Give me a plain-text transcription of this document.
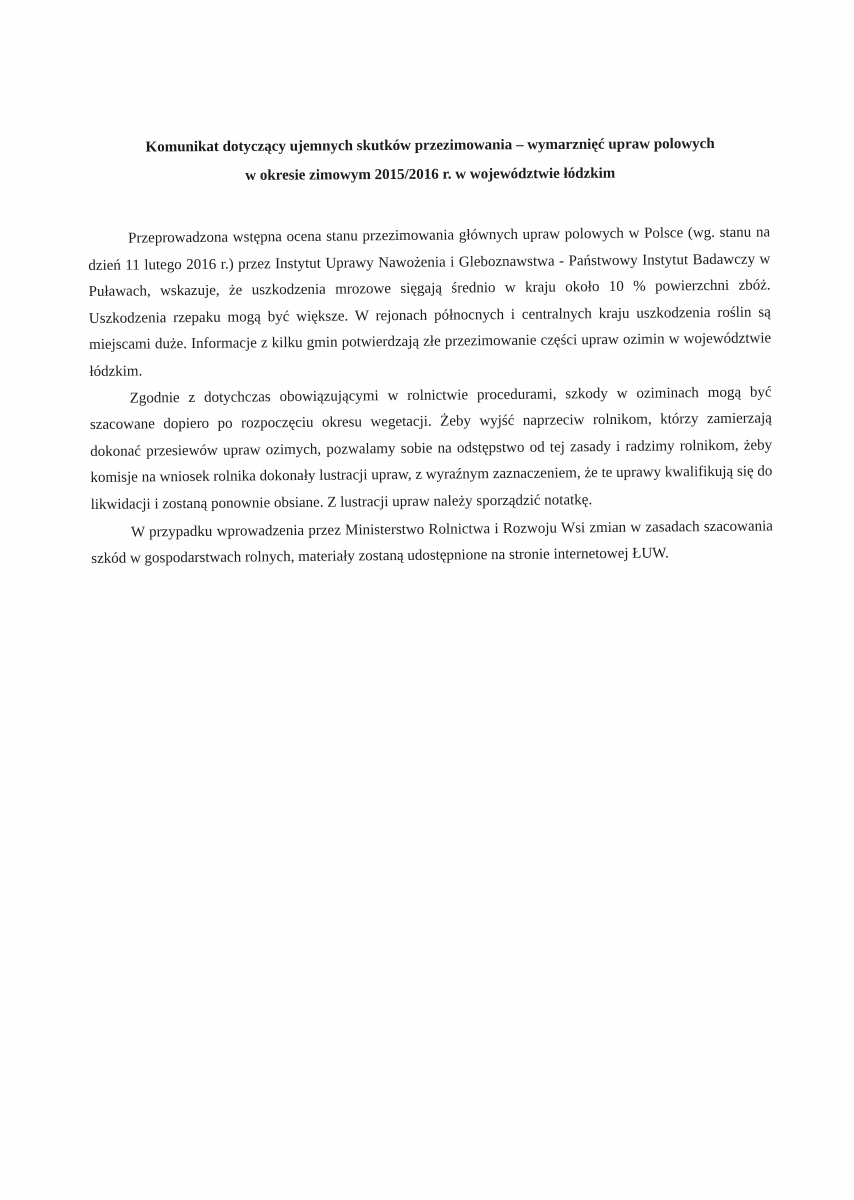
Komunikat dotyczący ujemnych skutków przezimowania – wymarznięć upraw polowych
w okresie zimowym 2015/2016 r. w województwie łódzkim

Przeprowadzona wstępna ocena stanu przezimowania głównych upraw polowych w Polsce (wg. stanu na dzień 11 lutego 2016 r.) przez Instytut Uprawy Nawożenia i Gleboznawstwa - Państwowy Instytut Badawczy w Puławach, wskazuje, że uszkodzenia mrozowe sięgają średnio w kraju około 10 % powierzchni zbóż. Uszkodzenia rzepaku mogą być większe. W rejonach północnych i centralnych kraju uszkodzenia roślin są miejscami duże. Informacje z kilku gmin potwierdzają złe przezimowanie części upraw ozimin w województwie łódzkim.

Zgodnie z dotychczas obowiązującymi w rolnictwie procedurami, szkody w oziminach mogą być szacowane dopiero po rozpoczęciu okresu wegetacji. Żeby wyjść naprzeciw rolnikom, którzy zamierzają dokonać przesiewów upraw ozimych, pozwalamy sobie na odstępstwo od tej zasady i radzimy rolnikom, żeby komisje na wniosek rolnika dokonały lustracji upraw, z wyraźnym zaznaczeniem, że te uprawy kwalifikują się do likwidacji i zostaną ponownie obsiane. Z lustracji upraw należy sporządzić notatkę.

W przypadku wprowadzenia przez Ministerstwo Rolnictwa i Rozwoju Wsi zmian w zasadach szacowania szkód w gospodarstwach rolnych, materiały zostaną udostępnione na stronie internetowej ŁUW.
